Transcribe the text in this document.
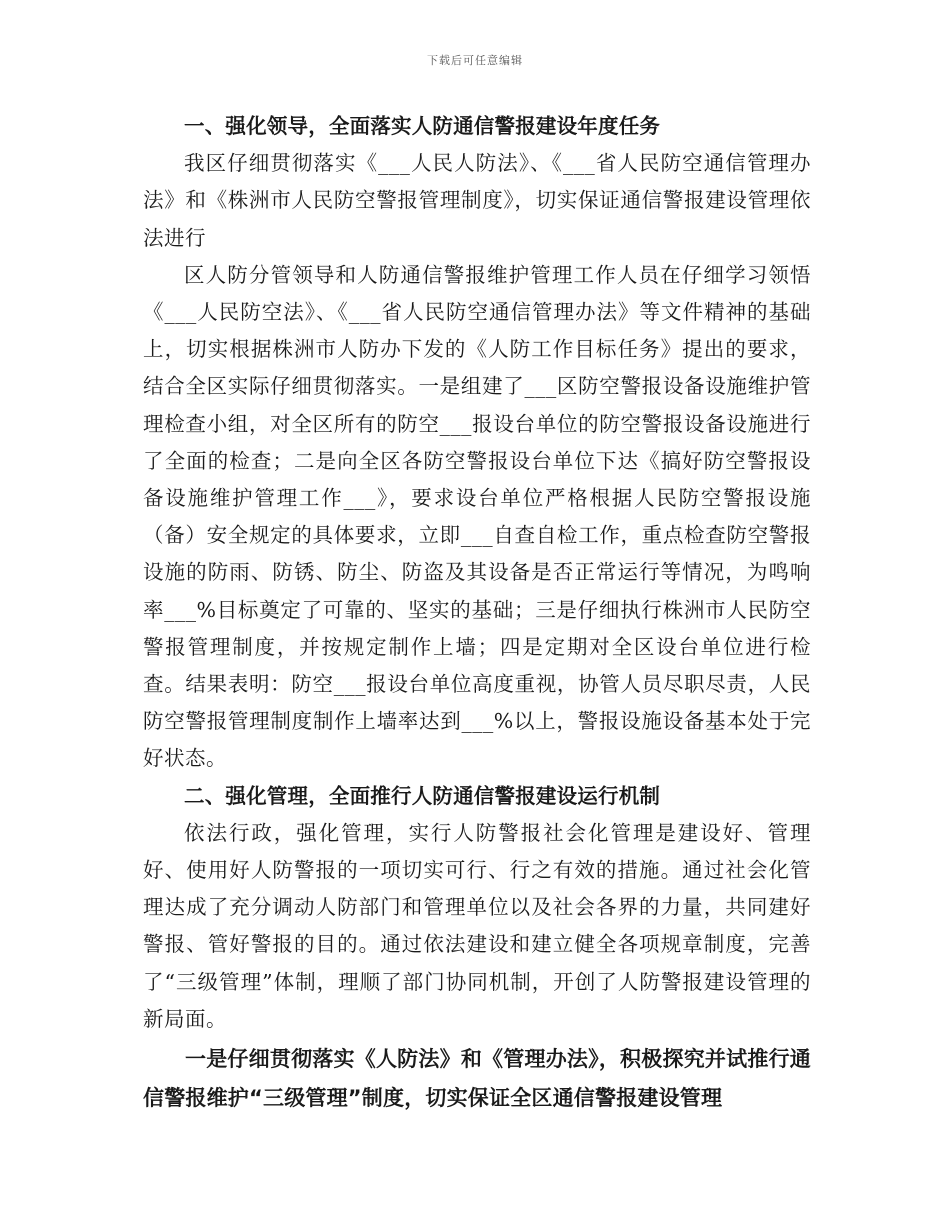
下载后可任意编辑

一、强化领导，全面落实人防通信警报建设年度任务

我区仔细贯彻落实《___人民人防法》、《___省人民防空通信管理办法》和《株洲市人民防空警报管理制度》，切实保证通信警报建设管理依法进行

区人防分管领导和人防通信警报维护管理工作人员在仔细学习领悟《___人民防空法》、《___省人民防空通信管理办法》等文件精神的基础上，切实根据株洲市人防办下发的《人防工作目标任务》提出的要求，结合全区实际仔细贯彻落实。一是组建了___区防空警报设备设施维护管理检查小组，对全区所有的防空___报设台单位的防空警报设备设施进行了全面的检查；二是向全区各防空警报设台单位下达《搞好防空警报设备设施维护管理工作___》，要求设台单位严格根据人民防空警报设施（备）安全规定的具体要求，立即___自查自检工作，重点检查防空警报设施的防雨、防锈、防尘、防盗及其设备是否正常运行等情况，为鸣响率___%目标奠定了可靠的、坚实的基础；三是仔细执行株洲市人民防空警报管理制度，并按规定制作上墙；四是定期对全区设台单位进行检查。结果表明：防空___报设台单位高度重视，协管人员尽职尽责，人民防空警报管理制度制作上墙率达到___%以上，警报设施设备基本处于完好状态。

二、强化管理，全面推行人防通信警报建设运行机制

依法行政，强化管理，实行人防警报社会化管理是建设好、管理好、使用好人防警报的一项切实可行、行之有效的措施。通过社会化管理达成了充分调动人防部门和管理单位以及社会各界的力量，共同建好警报、管好警报的目的。通过依法建设和建立健全各项规章制度，完善了“三级管理”体制，理顺了部门协同机制，开创了人防警报建设管理的新局面。

一是仔细贯彻落实《人防法》和《管理办法》，积极探究并试推行通信警报维护“三级管理”制度，切实保证全区通信警报建设管理
